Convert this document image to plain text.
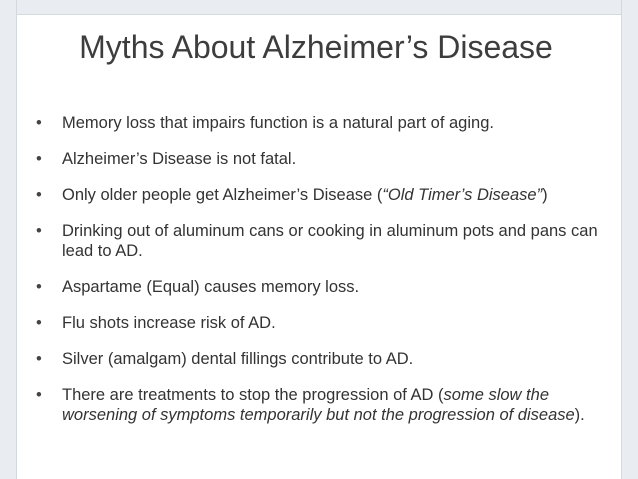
Myths About Alzheimer’s Disease
•	Memory loss that impairs function is a natural part of aging.
•	Alzheimer’s Disease is not fatal.
•	Only older people get Alzheimer’s Disease (“Old Timer’s Disease”)
•	Drinking out of aluminum cans or cooking in aluminum pots and pans can lead to AD.
•	Aspartame (Equal) causes memory loss.
•	Flu shots increase risk of AD.
•	Silver (amalgam) dental fillings contribute to AD.
•	There are treatments to stop the progression of AD (some slow the worsening of symptoms temporarily but not the progression of disease).
